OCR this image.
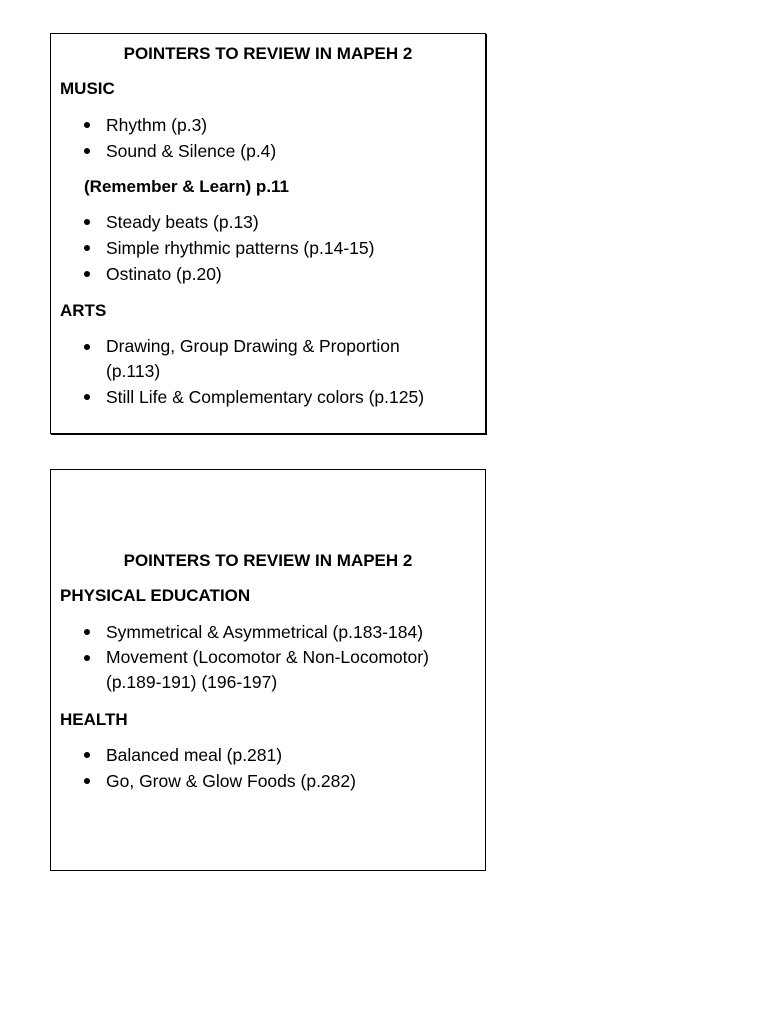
POINTERS TO REVIEW IN MAPEH 2
MUSIC
Rhythm (p.3)
Sound & Silence (p.4)
(Remember & Learn) p.11
Steady beats (p.13)
Simple rhythmic patterns (p.14-15)
Ostinato (p.20)
ARTS
Drawing, Group Drawing & Proportion
(p.113)
Still Life & Complementary colors (p.125)
POINTERS TO REVIEW IN MAPEH 2
PHYSICAL EDUCATION
Symmetrical & Asymmetrical (p.183-184)
Movement (Locomotor & Non-Locomotor)
(p.189-191) (196-197)
HEALTH
Balanced meal (p.281)
Go, Grow & Glow Foods (p.282)
